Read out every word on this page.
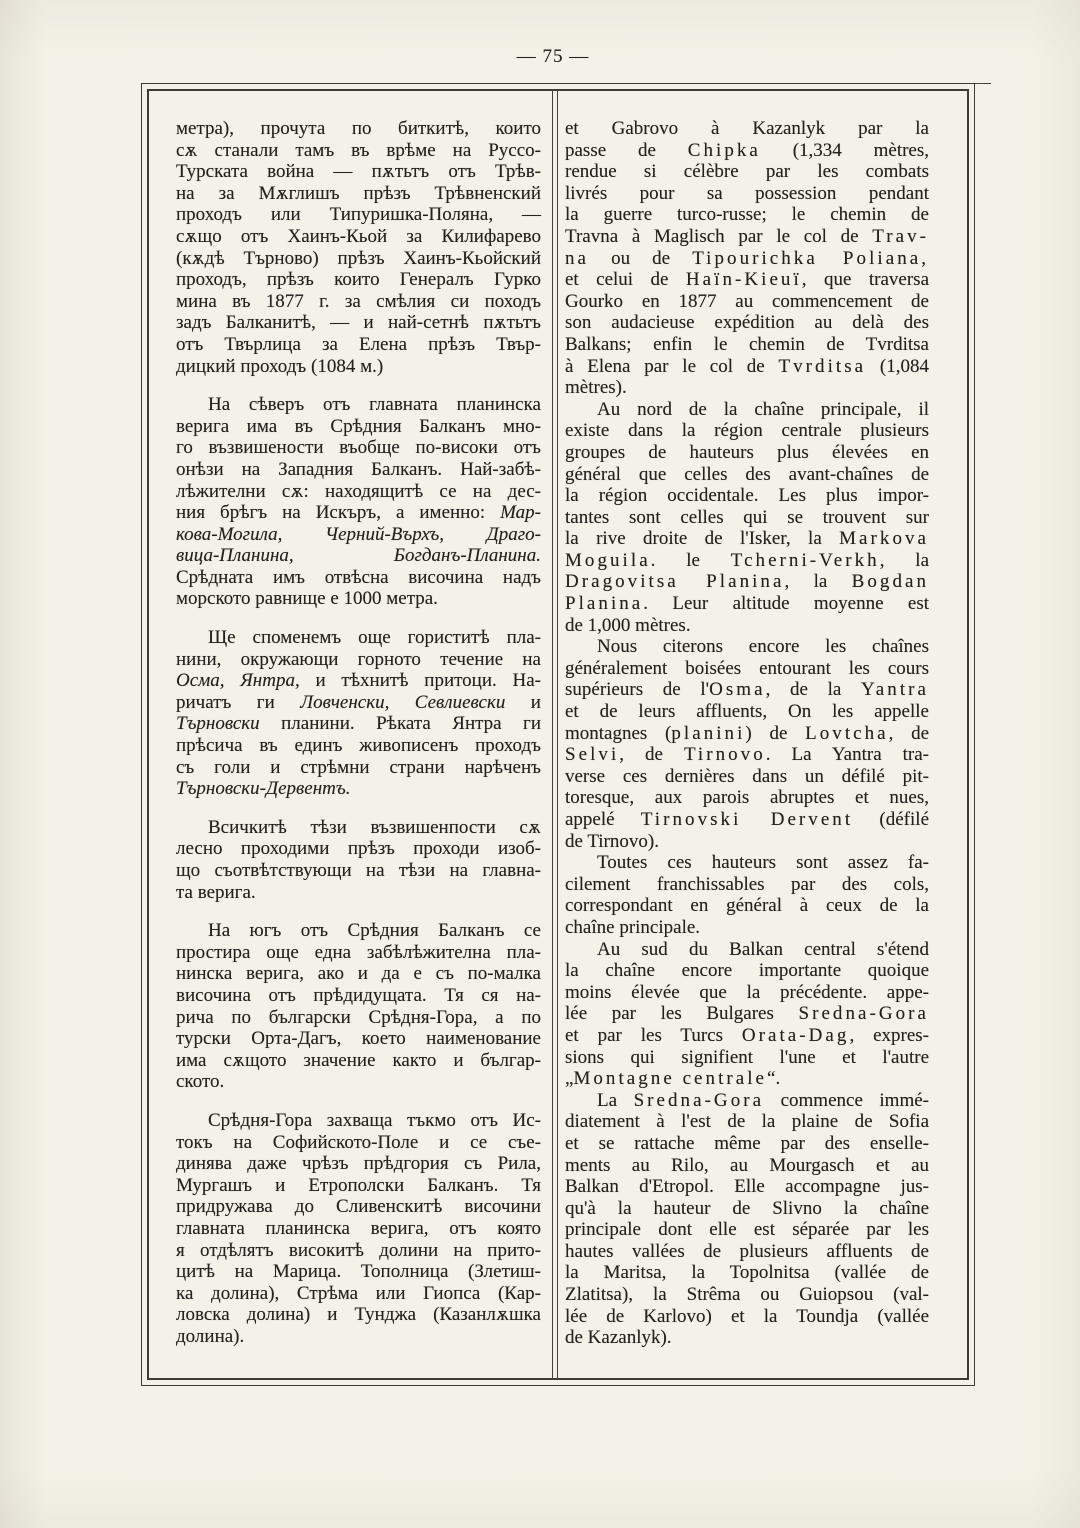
— 75 —
метра), прочута по биткитѣ, които
сѫ станали тамъ въ врѣме на Руссо-
Турската война — пѫтьтъ отъ Трѣв-
на за Мѫглишъ прѣзъ Трѣвненский
проходъ или Типуришка-Поляна, —
сѫщо отъ Хаинъ-Кьой за Килифарево
(кѫдѣ Търново) прѣзъ Хаинъ-Кьойский
проходъ, прѣзъ които Генералъ Гурко
мина въ 1877 г. за смѣлия си походъ
задъ Балканитѣ, — и най-сетнѣ пѫтьтъ
отъ Твърлица за Елена прѣзъ Твър-
дицкий проходъ (1084 м.)
На сѣверъ отъ главната планинска
верига има въ Срѣдния Балканъ мно-
го възвишености въобще по-високи отъ
онѣзи на Западния Балканъ. Най-забѣ-
лѣжителни сѫ: находящитѣ се на дес-
ния брѣгъ на Искъръ, а именно: Мар-
кова-Могила, Черний-Върхъ, Драго-
вица-Планина, Богданъ-Планина.
Срѣдната имъ отвѣсна височина надъ
морското равнище е 1000 метра.
Ще споменемъ още гориститѣ пла-
нини, окружающи горното течение на
Осма, Янтра, и тѣхнитѣ притоци. На-
ричатъ ги Ловченски, Севлиевски и
Търновски планини. Рѣката Янтра ги
прѣсича въ единъ живописенъ проходъ
съ голи и стрѣмни страни нарѣченъ
Търновски-Дервентъ.
Всичкитѣ тѣзи възвишенпости сѫ
лесно проходими прѣзъ проходи изоб-
що съотвѣтствующи на тѣзи на главна-
та верига.
На югъ отъ Срѣдния Балканъ се
простира още една забѣлѣжителна пла-
нинска верига, ако и да е съ по-малка
височина отъ прѣдидущата. Тя ся на-
рича по български Срѣдня-Гора, а по
турски Орта-Дагъ, което наименование
има сѫщото значение както и българ-
ското.
Срѣдня-Гора захваща тъкмо отъ Ис-
токъ на Софийското-Поле и се съе-
динява даже чрѣзъ прѣдгория съ Рила,
Мургашъ и Етрополски Балканъ. Тя
придружава до Сливенскитѣ височини
главната планинска верига, отъ която
я отдѣлятъ високитѣ долини на прито-
цитѣ на Марица. Тополница (Злетиш-
ка долина), Стрѣма или Гиопса (Кар-
ловска долина) и Тунджа (Казанлѫшка
долина).
et Gabrovo à Kazanlyk par la
passe de Chipka (1,334 mètres,
rendue si célèbre par les combats
livrés pour sa possession pendant
la guerre turco-russe; le chemin de
Travna à Maglisch par le col de Trav-
na ou de Tipourichka Poliana,
et celui de Haïn-Kieuï, que traversa
Gourko en 1877 au commencement de
son audacieuse expédition au delà des
Balkans; enfin le chemin de Tvrditsa
à Elena par le col de Tvrditsa (1,084
mètres).
Au nord de la chaîne principale, il
existe dans la région centrale plusieurs
groupes de hauteurs plus élevées en
général que celles des avant-chaînes de
la région occidentale. Les plus impor-
tantes sont celles qui se trouvent sur
la rive droite de l'Isker, la Markova
Moguila. le Tcherni-Verkh, la
Dragovitsa Planina, la Bogdan
Planina. Leur altitude moyenne est
de 1,000 mètres.
Nous citerons encore les chaînes
généralement boisées entourant les cours
supérieurs de l'Osma, de la Yantra
et de leurs affluents, On les appelle
montagnes (planini) de Lovtcha, de
Selvi, de Tirnovo. La Yantra tra-
verse ces dernières dans un défilé pit-
toresque, aux parois abruptes et nues,
appelé Tirnovski Dervent (défilé
de Tirnovo).
Toutes ces hauteurs sont assez fa-
cilement franchissables par des cols,
correspondant en général à ceux de la
chaîne principale.
Au sud du Balkan central s'étend
la chaîne encore importante quoique
moins élevée que la précédente. appe-
lée par les Bulgares Sredna-Gora
et par les Turcs Orata-Dag, expres-
sions qui signifient l'une et l'autre
„Montagne centrale“.
La Sredna-Gora commence immé-
diatement à l'est de la plaine de Sofia
et se rattache même par des enselle-
ments au Rilo, au Mourgasch et au
Balkan d'Etropol. Elle accompagne jus-
qu'à la hauteur de Slivno la chaîne
principale dont elle est séparée par les
hautes vallées de plusieurs affluents de
la Maritsa, la Topolnitsa (vallée de
Zlatitsa), la Strêma ou Guiopsou (val-
lée de Karlovo) et la Toundja (vallée
de Kazanlyk).
